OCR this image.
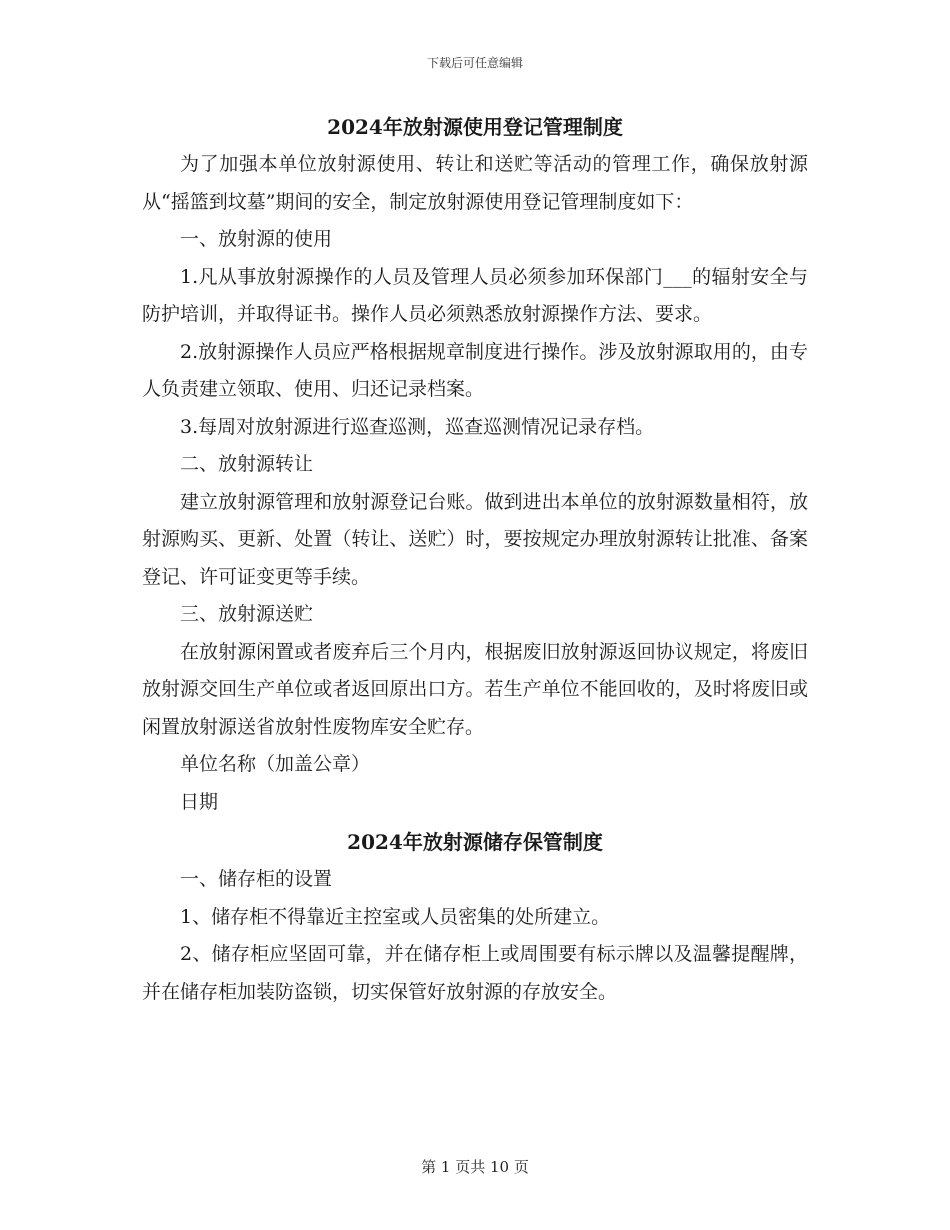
下载后可任意编辑
2024年放射源使用登记管理制度

为了加强本单位放射源使用、转让和送贮等活动的管理工作，确保放射源从“摇篮到坟墓”期间的安全，制定放射源使用登记管理制度如下：

一、放射源的使用

1.凡从事放射源操作的人员及管理人员必须参加环保部门___的辐射安全与防护培训，并取得证书。操作人员必须熟悉放射源操作方法、要求。

2.放射源操作人员应严格根据规章制度进行操作。涉及放射源取用的，由专人负责建立领取、使用、归还记录档案。

3.每周对放射源进行巡查巡测，巡查巡测情况记录存档。

二、放射源转让

建立放射源管理和放射源登记台账。做到进出本单位的放射源数量相符，放射源购买、更新、处置（转让、送贮）时，要按规定办理放射源转让批准、备案登记、许可证变更等手续。

三、放射源送贮

在放射源闲置或者废弃后三个月内，根据废旧放射源返回协议规定，将废旧放射源交回生产单位或者返回原出口方。若生产单位不能回收的，及时将废旧或闲置放射源送省放射性废物库安全贮存。

单位名称（加盖公章）

日期

2024年放射源储存保管制度

一、储存柜的设置

1、储存柜不得靠近主控室或人员密集的处所建立。

2、储存柜应坚固可靠，并在储存柜上或周围要有标示牌以及温馨提醒牌，并在储存柜加装防盗锁，切实保管好放射源的存放安全。

第 1 页共 10 页
